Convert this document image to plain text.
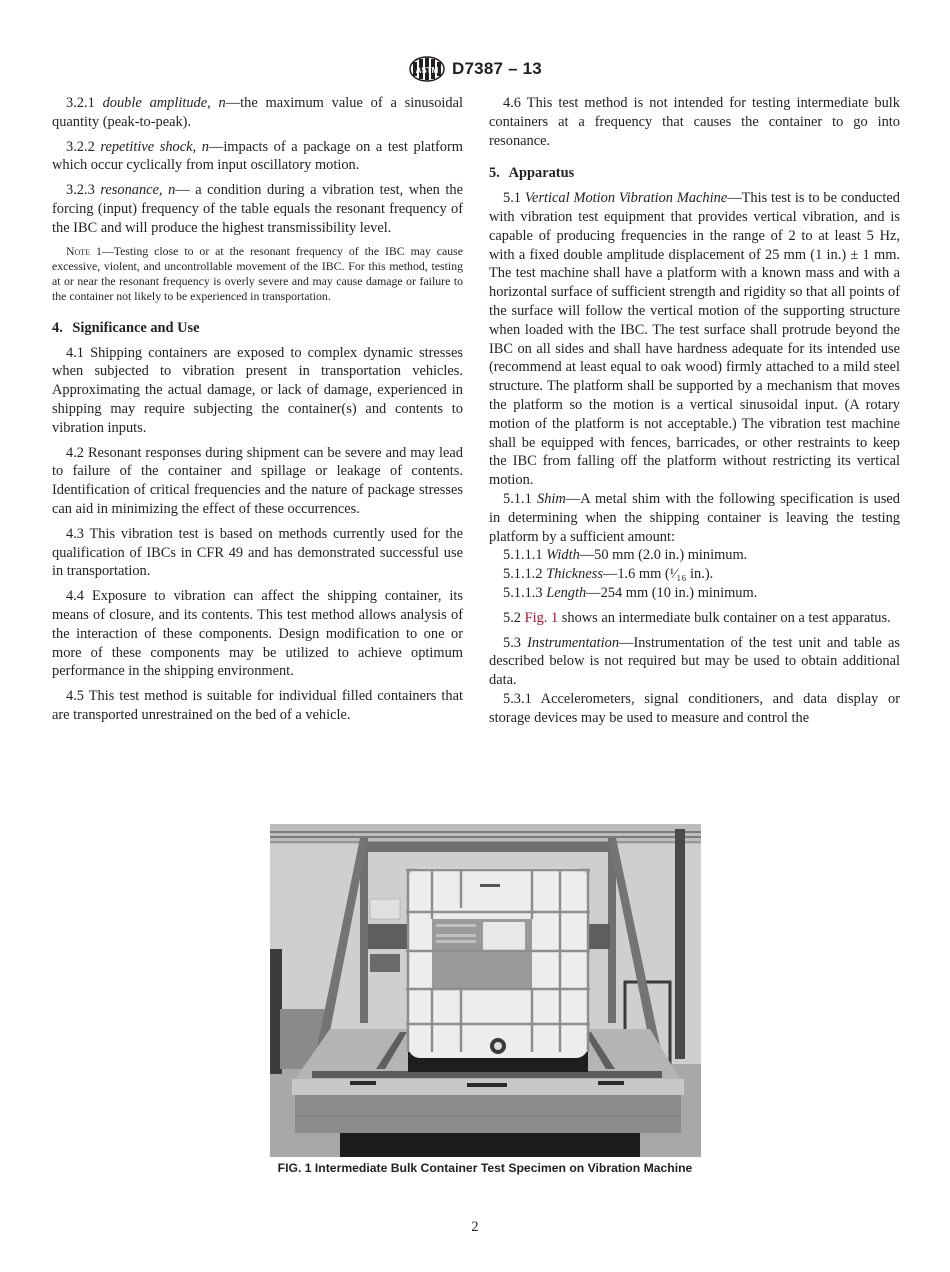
ASTM D7387 – 13

3.2.1 double amplitude, n—the maximum value of a sinusoidal quantity (peak-to-peak).

3.2.2 repetitive shock, n—impacts of a package on a test platform which occur cyclically from input oscillatory motion.

3.2.3 resonance, n— a condition during a vibration test, when the forcing (input) frequency of the table equals the resonant frequency of the IBC and will produce the highest transmissibility level.

Note 1—Testing close to or at the resonant frequency of the IBC may cause excessive, violent, and uncontrollable movement of the IBC. For this method, testing at or near the resonant frequency is overly severe and may cause damage or failure to the container not likely to be experienced in transportation.

4. Significance and Use

4.1 Shipping containers are exposed to complex dynamic stresses when subjected to vibration present in transportation vehicles. Approximating the actual damage, or lack of damage, experienced in shipping may require subjecting the container(s) and contents to vibration inputs.

4.2 Resonant responses during shipment can be severe and may lead to failure of the container and spillage or leakage of contents. Identification of critical frequencies and the nature of package stresses can aid in minimizing the effect of these occurrences.

4.3 This vibration test is based on methods currently used for the qualification of IBCs in CFR 49 and has demonstrated successful use in transportation.

4.4 Exposure to vibration can affect the shipping container, its means of closure, and its contents. This test method allows analysis of the interaction of these components. Design modification to one or more of these components may be utilized to achieve optimum performance in the shipping environment.

4.5 This test method is suitable for individual filled containers that are transported unrestrained on the bed of a vehicle.

4.6 This test method is not intended for testing intermediate bulk containers at a frequency that causes the container to go into resonance.

5. Apparatus

5.1 Vertical Motion Vibration Machine—This test is to be conducted with vibration test equipment that provides vertical vibration, and is capable of producing frequencies in the range of 2 to at least 5 Hz, with a fixed double amplitude displacement of 25 mm (1 in.) ± 1 mm. The test machine shall have a platform with a known mass and with a horizontal surface of sufficient strength and rigidity so that all points of the surface will follow the vertical motion of the supporting structure when loaded with the IBC. The test surface shall protrude beyond the IBC on all sides and shall have hardness adequate for its intended use (recommend at least equal to oak wood) firmly attached to a mild steel structure. The platform shall be supported by a mechanism that moves the platform so the motion is a vertical sinusoidal input. (A rotary motion of the platform is not acceptable.) The vibration test machine shall be equipped with fences, barricades, or other restraints to keep the IBC from falling off the platform without restricting its vertical motion.

5.1.1 Shim—A metal shim with the following specification is used in determining when the shipping container is leaving the testing platform by a sufficient amount:

5.1.1.1 Width—50 mm (2.0 in.) minimum.

5.1.1.2 Thickness—1.6 mm (¹⁄₁₆ in.).

5.1.1.3 Length—254 mm (10 in.) minimum.

5.2 Fig. 1 shows an intermediate bulk container on a test apparatus.

5.3 Instrumentation—Instrumentation of the test unit and table as described below is not required but may be used to obtain additional data.

5.3.1 Accelerometers, signal conditioners, and data display or storage devices may be used to measure and control the

FIG. 1 Intermediate Bulk Container Test Specimen on Vibration Machine
2
